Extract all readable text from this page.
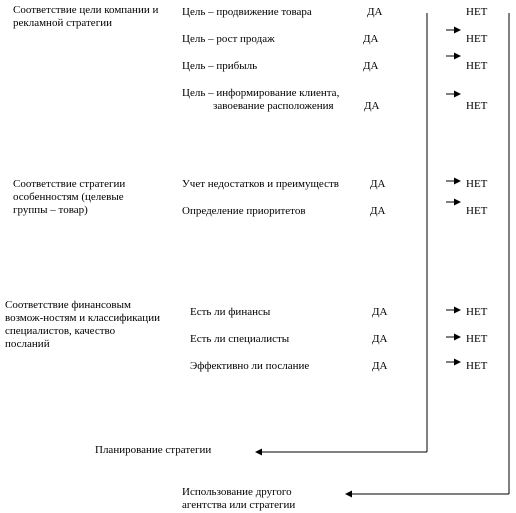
Соответствие цели компании и рекламной стратегии
Цель – продвижение товара	ДА	НЕТ
Цель – рост продаж	ДА	НЕТ
Цель – прибыль	ДА	НЕТ
Цель – информирование клиента,
завоевание расположения	ДА	НЕТ
Соответствие стратегии особенностям (целевые группы – товар)
Учет недостатков и преимуществ	ДА	НЕТ
Определение приоритетов	ДА	НЕТ
Соответствие финансовым возмож-ностям и классификации специалистов, качество посланий
Есть ли финансы	ДА	НЕТ
Есть ли специалисты	ДА	НЕТ
Эффективно ли послание	ДА	НЕТ
Планирование стратегии
Использование другого агентства или стратегии
